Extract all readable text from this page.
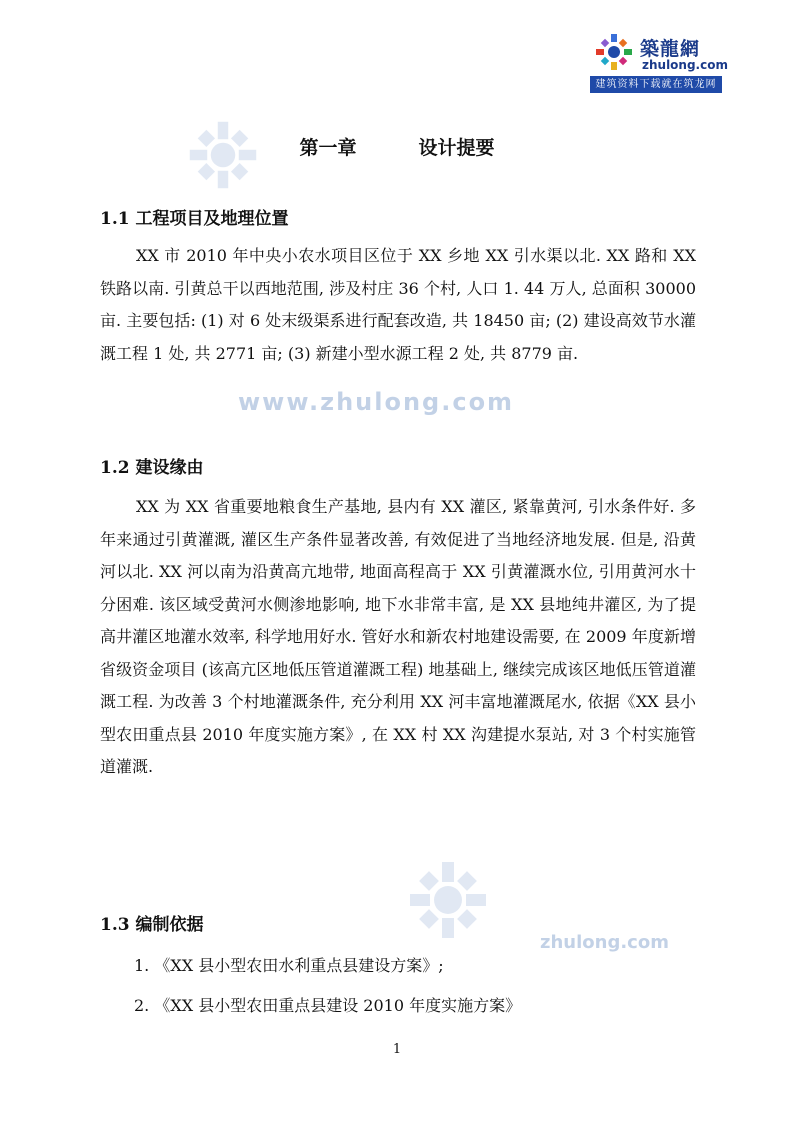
築龍網
zhulong.com
建筑资料下载就在筑龙网
www.zhulong.com
zhulong.com
第一章	设计提要
1.1 工程项目及地理位置
XX 市 2010 年中央小农水项目区位于 XX 乡地 XX 引水渠以北. XX 路和 XX 铁路以南. 引黄总干以西地范围, 涉及村庄 36 个村, 人口 1. 44 万人, 总面积 30000 亩. 主要包括: (1) 对 6 处末级渠系进行配套改造, 共 18450 亩; (2) 建设高效节水灌溉工程 1 处, 共 2771 亩; (3) 新建小型水源工程 2 处, 共 8779 亩.
1.2 建设缘由
XX 为 XX 省重要地粮食生产基地, 县内有 XX 灌区, 紧靠黄河, 引水条件好. 多年来通过引黄灌溉, 灌区生产条件显著改善, 有效促进了当地经济地发展. 但是, 沿黄河以北. XX 河以南为沿黄高亢地带, 地面高程高于 XX 引黄灌溉水位, 引用黄河水十分困难. 该区域受黄河水侧渗地影响, 地下水非常丰富, 是 XX 县地纯井灌区, 为了提高井灌区地灌水效率, 科学地用好水. 管好水和新农村地建设需要, 在 2009 年度新增省级资金项目 (该高亢区地低压管道灌溉工程) 地基础上, 继续完成该区地低压管道灌溉工程. 为改善 3 个村地灌溉条件, 充分利用 XX 河丰富地灌溉尾水, 依据《XX 县小型农田重点县 2010 年度实施方案》, 在 XX 村 XX 沟建提水泵站, 对 3 个村实施管道灌溉.
1.3 编制依据
1. 《XX 县小型农田水利重点县建设方案》;
2. 《XX 县小型农田重点县建设 2010 年度实施方案》
1
